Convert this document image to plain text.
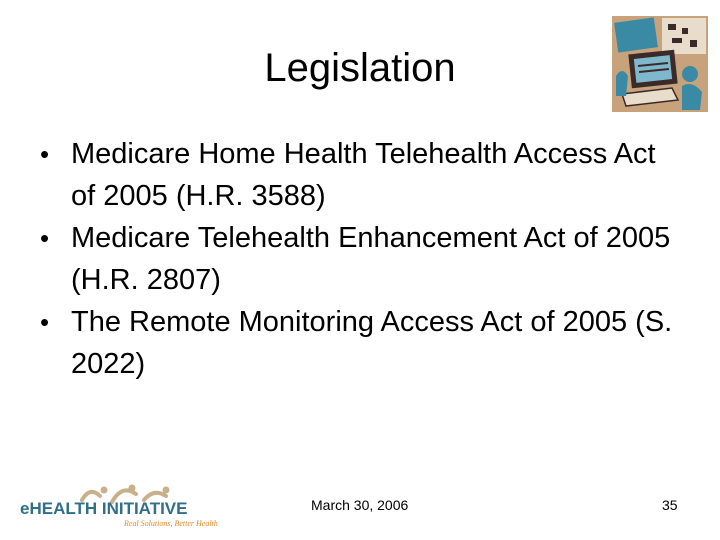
Legislation
• Medicare Home Health Telehealth Access Act of 2005 (H.R. 3588)
• Medicare Telehealth Enhancement Act of 2005 (H.R. 2807)
• The Remote Monitoring Access Act of 2005 (S. 2022)
eHEALTH INITIATIVE
Real Solutions, Better Health
March 30, 2006	35
